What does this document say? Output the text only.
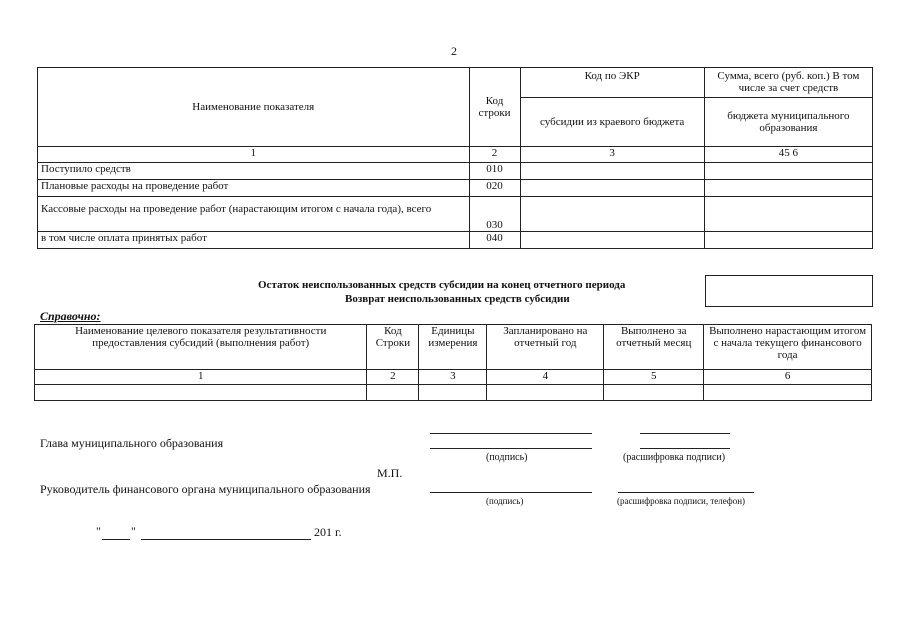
2
Наименование показателя	Код строки	Код по ЭКР	Сумма, всего (руб. коп.) В том числе за счет средств
		субсидии из краевого бюджета	бюджета муниципального образования
1	2	3	45 6
Поступило средств	010		
Плановые расходы на проведение работ	020		
Кассовые расходы на проведение работ (нарастающим итогом с начала года), всего	030		
в том числе оплата принятых работ	040		
Остаток неиспользованных средств субсидии на конец отчетного периода
Возврат неиспользованных средств субсидии
Справочно:
Наименование целевого показателя результативности предоставления субсидий (выполнения работ)	Код Строки	Единицы измерения	Запланировано на отчетный год	Выполнено за отчетный месяц	Выполнено нарастающим итогом с начала текущего финансового года
1	2	3	4	5	6

Глава муниципального образования
(подпись)	(расшифровка подписи)
М.П.
Руководитель финансового органа муниципального образования
(подпись)	(расшифровка подписи, телефон)
"	"	201 г.
